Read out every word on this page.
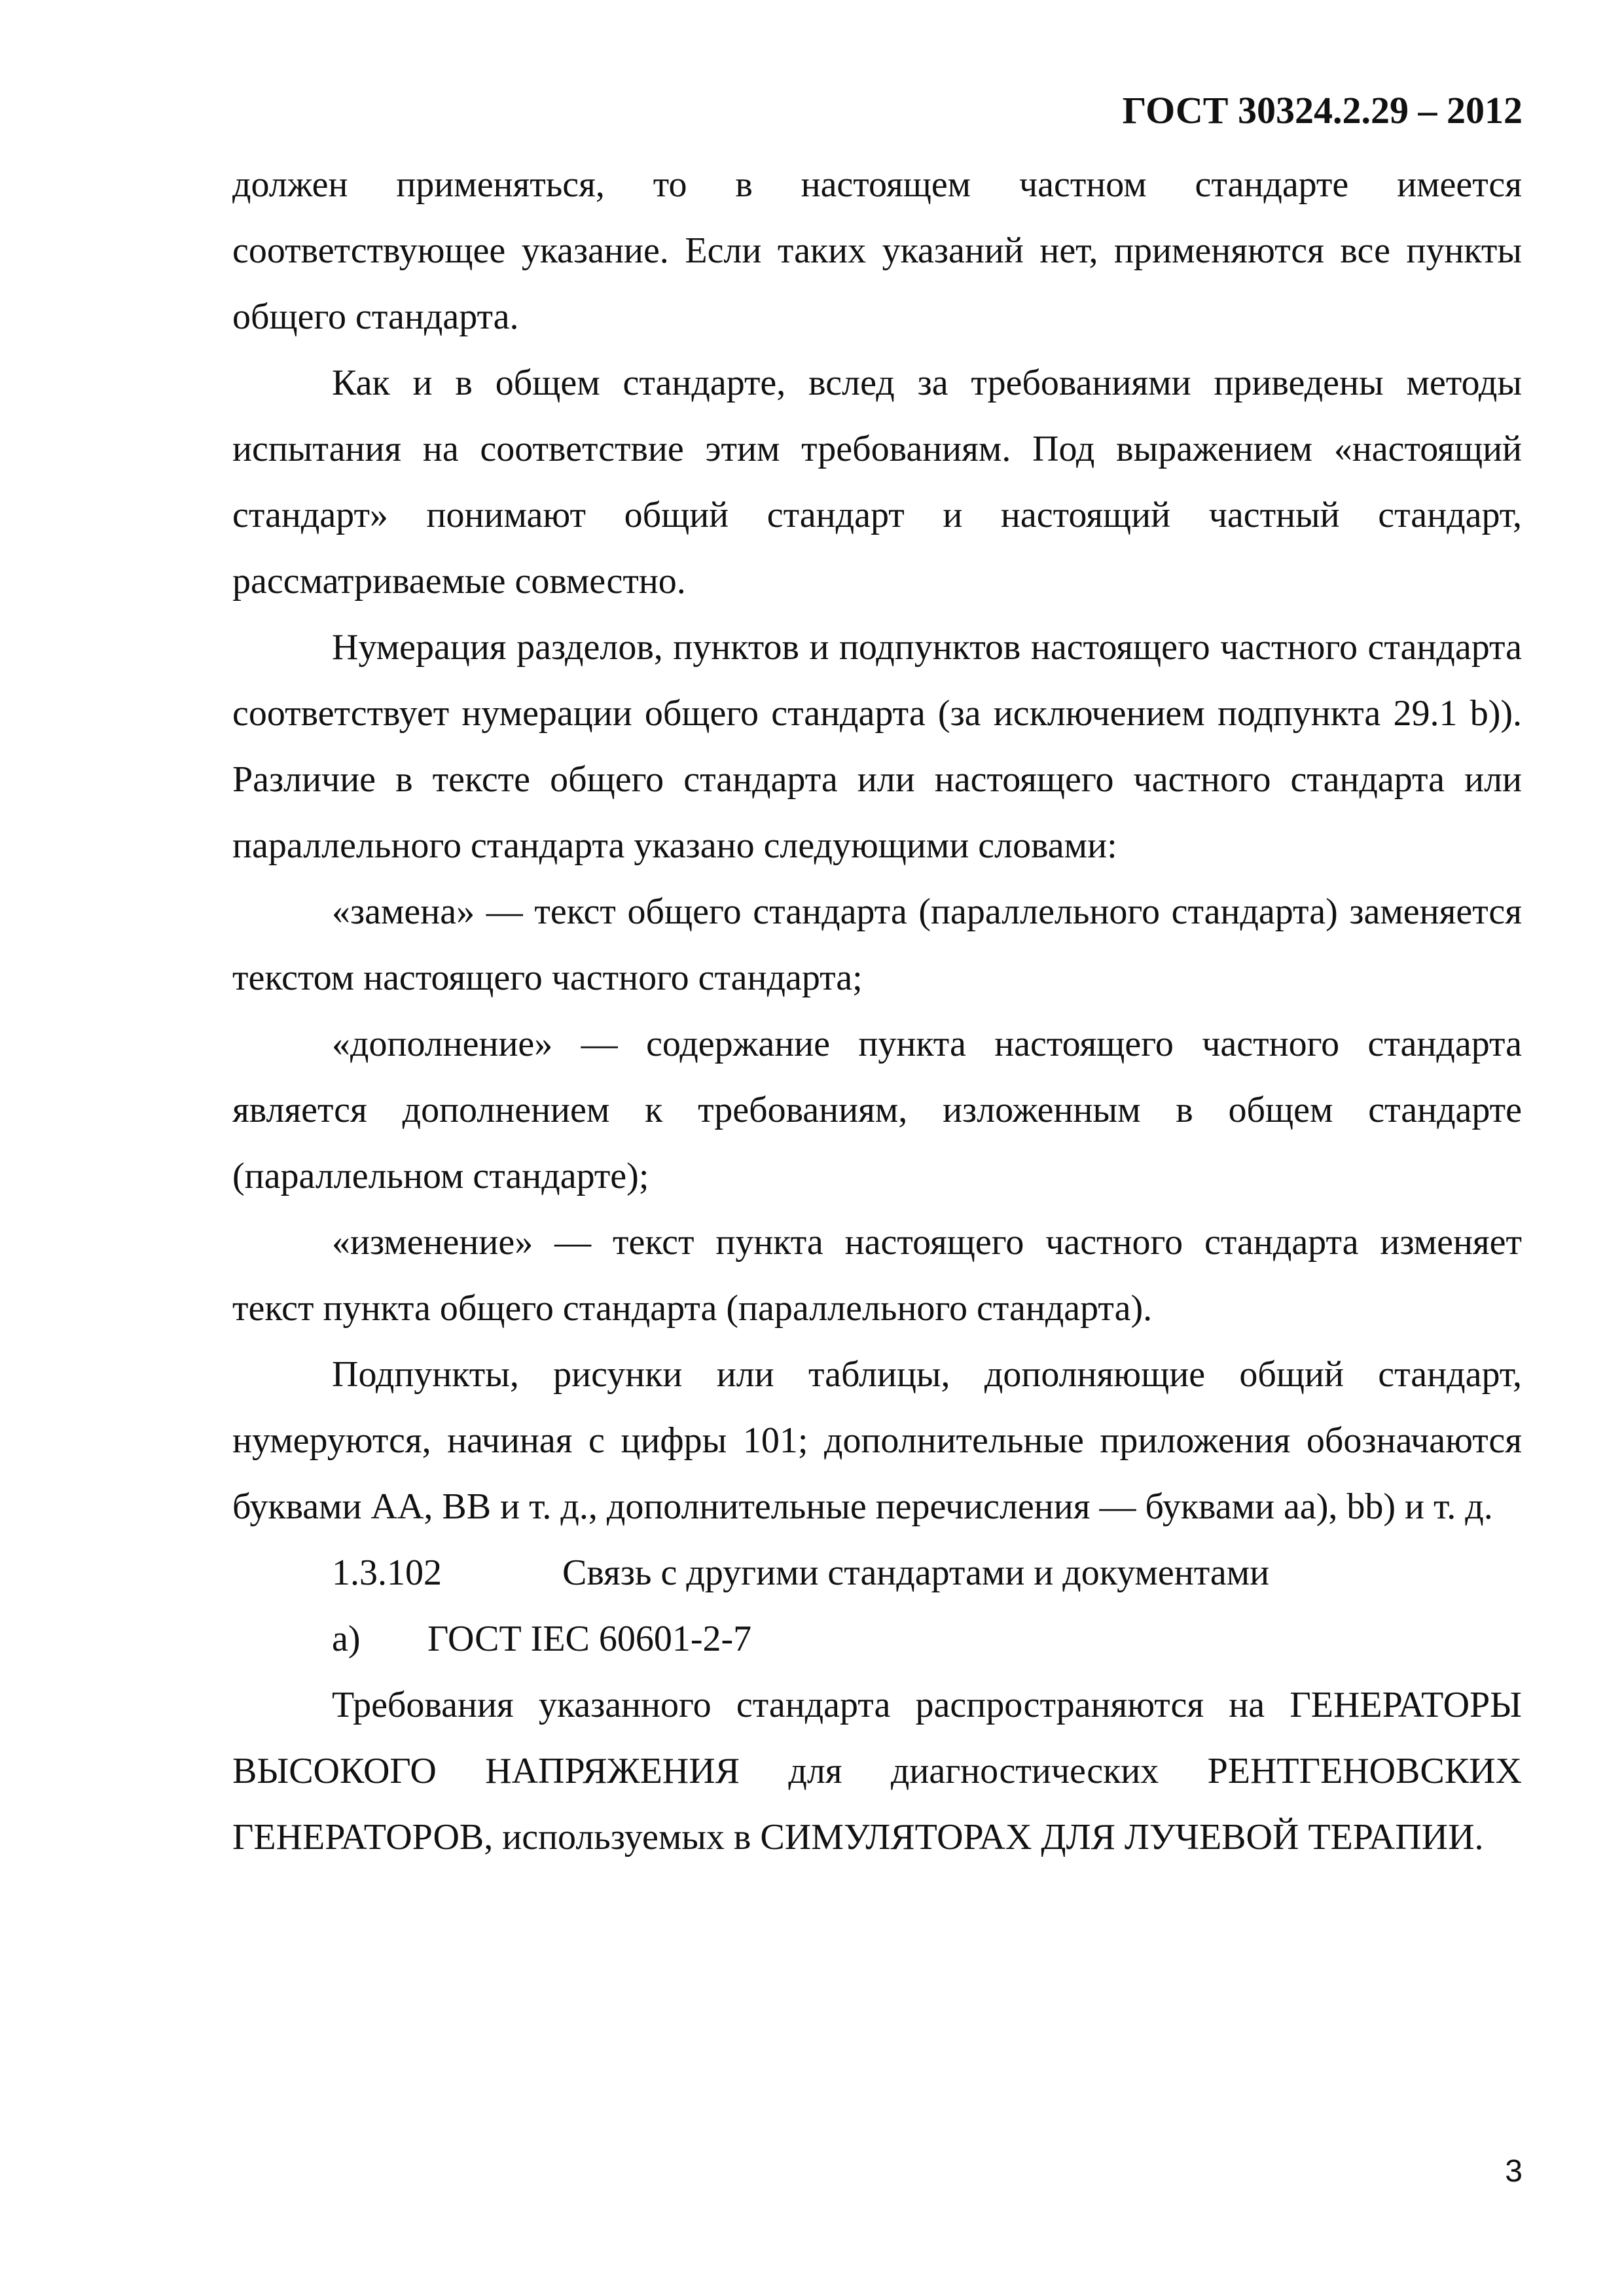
ГОСТ 30324.2.29 – 2012

должен применяться, то в настоящем частном стандарте имеется соответствующее указание. Если таких указаний нет, применяются все пункты общего стандарта.

Как и в общем стандарте, вслед за требованиями приведены методы испытания на соответствие этим требованиям. Под выражением «настоящий стандарт» понимают общий стандарт и настоящий частный стандарт, рассматриваемые совместно.

Нумерация разделов, пунктов и подпунктов настоящего частного стандарта соответствует нумерации общего стандарта (за исключением подпункта 29.1 b)). Различие в тексте общего стандарта или настоящего частного стандарта или параллельного стандарта указано следующими словами:

«замена» — текст общего стандарта (параллельного стандарта) заменяется текстом настоящего частного стандарта;

«дополнение» — содержание пункта настоящего частного стандарта является дополнением к требованиям, изложенным в общем стандарте (параллельном стандарте);

«изменение» — текст пункта настоящего частного стандарта изменяет текст пункта общего стандарта (параллельного стандарта).

Подпункты, рисунки или таблицы, дополняющие общий стандарт, нумеруются, начиная с цифры 101; дополнительные приложения обозначаются буквами AA, BB и т. д., дополнительные перечисления — буквами aa), bb) и т. д.

1.3.102	Связь с другими стандартами и документами
а)	ГОСТ IEC 60601-2-7

Требования указанного стандарта распространяются на ГЕНЕРАТОРЫ ВЫСОКОГО НАПРЯЖЕНИЯ для диагностических РЕНТГЕНОВСКИХ ГЕНЕРАТОРОВ, используемых в СИМУЛЯТОРАХ ДЛЯ ЛУЧЕВОЙ ТЕРАПИИ.

3
